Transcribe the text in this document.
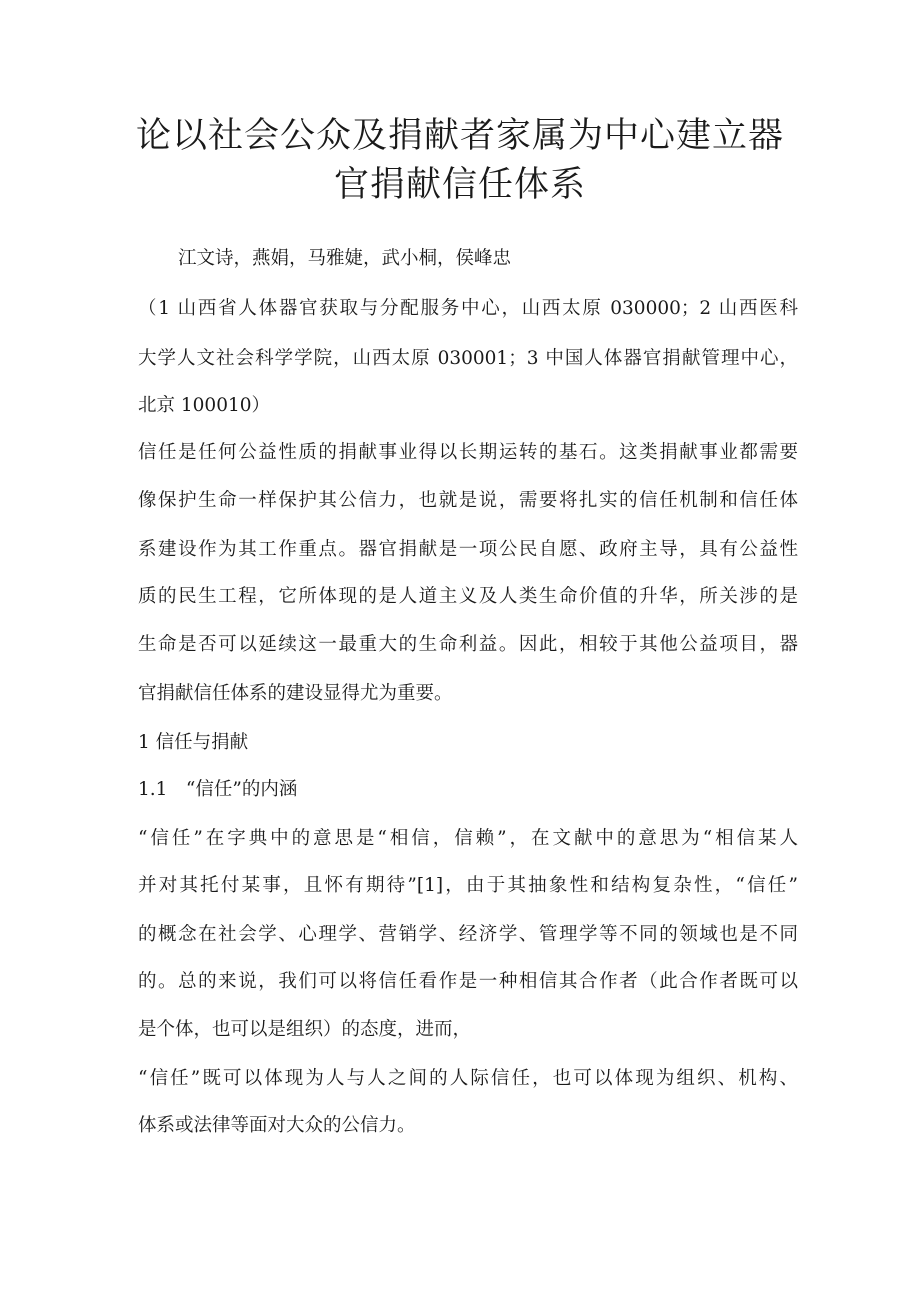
论以社会公众及捐献者家属为中心建立器
官捐献信任体系

江文诗，燕娟，马雅婕，武小桐，侯峰忠

（1 山西省人体器官获取与分配服务中心，山西太原 030000；2 山西医科

大学人文社会科学学院，山西太原 030001；3 中国人体器官捐献管理中心，

北京 100010）

信任是任何公益性质的捐献事业得以长期运转的基石。这类捐献事业都需要

像保护生命一样保护其公信力，也就是说，需要将扎实的信任机制和信任体

系建设作为其工作重点。器官捐献是一项公民自愿、政府主导，具有公益性

质的民生工程，它所体现的是人道主义及人类生命价值的升华，所关涉的是

生命是否可以延续这一最重大的生命利益。因此，相较于其他公益项目，器

官捐献信任体系的建设显得尤为重要。

1 信任与捐献

1.1　“信任”的内涵

“信任”在字典中的意思是“相信，信赖”，在文献中的意思为“相信某人

并对其托付某事，且怀有期待”[1]，由于其抽象性和结构复杂性，“信任”

的概念在社会学、心理学、营销学、经济学、管理学等不同的领域也是不同

的。总的来说，我们可以将信任看作是一种相信其合作者（此合作者既可以

是个体，也可以是组织）的态度，进而，

“信任”既可以体现为人与人之间的人际信任，也可以体现为组织、机构、

体系或法律等面对大众的公信力。
